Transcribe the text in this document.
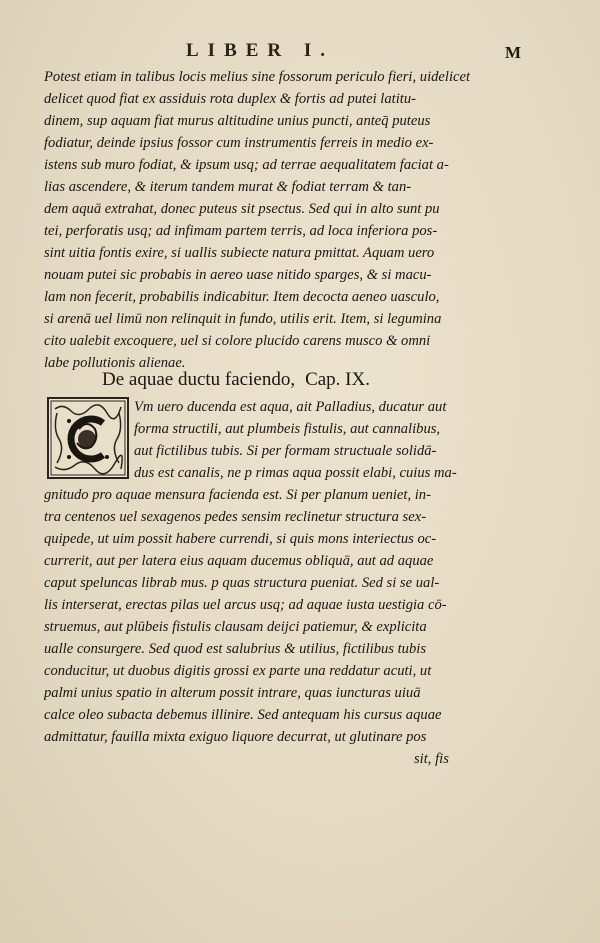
LIBER I.	M
Potest etiam in talibus locis melius sine fossorum periculo fieri, uidelicet
delicet quod fiat ex assiduis rota duplex & fortis ad putei latitu-
dinem, sup aquam fiat murus altitudine unius puncti, anteq̄ puteus
fodiatur, deinde ipsius fossor cum instrumentis ferreis in medio ex-
istens sub muro fodiat, & ipsum usq; ad terrae aequalitatem faciat a-
lias ascendere, & iterum tandem murat & fodiat terram & tan-
dem aquā extrahat, donec puteus sit psectus. Sed qui in alto sunt pu
tei, perforatis usq; ad infimam partem terris, ad loca inferiora pos-
sint uitia fontis exire, si uallis subiecte natura pmittat. Aquam uero
nouam putei sic probabis in aereo uase nitido sparges, & si macu-
lam non fecerit, probabilis indicabitur. Item decocta aeneo uasculo,
si arenā uel limū non relinquit in fundo, utilis erit. Item, si legumina
cito ualebit excoquere, uel si colore plucido carens musco & omni
labe pollutionis alienae.
De aquae ductu faciendo, Cap. IX.
Vm uero ducenda est aqua, ait Palladius, ducatur aut
forma structili, aut plumbeis fistulis, aut cannalibus,
aut fictilibus tubis. Si per formam structuale solidā-
dus est canalis, ne p rimas aqua possit elabi, cuius ma-
gnitudo pro aquae mensura facienda est. Si per planum ueniet, in-
tra centenos uel sexagenos pedes sensim reclinetur structura sex-
quipede, ut uim possit habere currendi, si quis mons interiectus oc-
currerit, aut per latera eius aquam ducemus obliquā, aut ad aquae
caput speluncas librab mus. p quas structura pueniat. Sed si se ual-
lis interserat, erectas pilas uel arcus usq; ad aquae iusta uestigia cō-
struemus, aut plūbeis fistulis clausam deijci patiemur, & explicita
ualle consurgere. Sed quod est salubrius & utilius, fictilibus tubis
conducitur, ut duobus digitis grossi ex parte una reddatur acuti, ut
palmi unius spatio in alterum possit intrare, quas iuncturas uiuā
calce oleo subacta debemus illinire. Sed antequam his cursus aquae
admittatur, fauilla mixta exiguo liquore decurrat, ut glutinare pos
sit, fis
